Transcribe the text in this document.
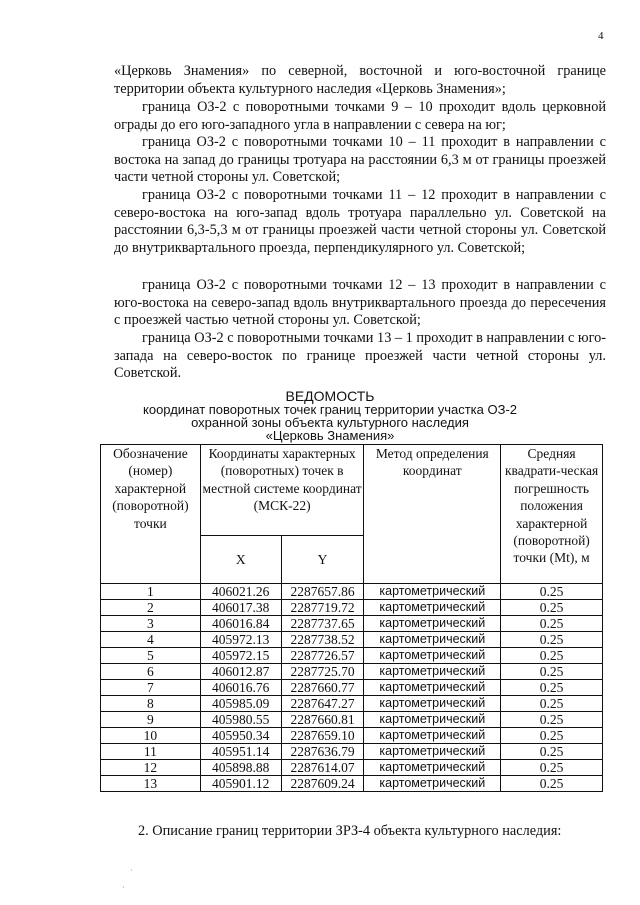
4

«Церковь Знамения» по северной, восточной и юго-восточной границе территории объекта культурного наследия «Церковь Знамения»;

граница ОЗ-2 с поворотными точками 9 – 10 проходит вдоль церковной ограды до его юго-западного угла в направлении с севера на юг;

граница ОЗ-2 с поворотными точками 10 – 11 проходит в направлении с востока на запад до границы тротуара на расстоянии 6,3 м от границы проезжей части четной стороны ул. Советской;

граница ОЗ-2 с поворотными точками 11 – 12 проходит в направлении с северо-востока на юго-запад вдоль тротуара параллельно ул. Советской на расстоянии 6,3-5,3 м от границы проезжей части четной стороны ул. Советской до внутриквартального проезда, перпендикулярного ул. Советской;

граница ОЗ-2 с поворотными точками 12 – 13 проходит в направлении с юго-востока на северо-запад вдоль внутриквартального проезда до пересечения с проезжей частью четной стороны ул. Советской;

граница ОЗ-2 с поворотными точками 13 – 1 проходит в направлении с юго-запада на северо-восток по границе проезжей части четной стороны ул. Советской.

ВЕДОМОСТЬ
координат поворотных точек границ территории участка ОЗ-2
охранной зоны объекта культурного наследия
«Церковь Знамения»
Обозначение (номер) характерной (поворотной) точки	Координаты характерных (поворотных) точек в местной системе координат (МСК-22)		Метод определения координат	Средняя квадрати-ческая погрешность положения характерной (поворотной) точки (Mt), м
	X	Y		
1	406021.26	2287657.86	картометрический	0.25
2	406017.38	2287719.72	картометрический	0.25
3	406016.84	2287737.65	картометрический	0.25
4	405972.13	2287738.52	картометрический	0.25
5	405972.15	2287726.57	картометрический	0.25
6	406012.87	2287725.70	картометрический	0.25
7	406016.76	2287660.77	картометрический	0.25
8	405985.09	2287647.27	картометрический	0.25
9	405980.55	2287660.81	картометрический	0.25
10	405950.34	2287659.10	картометрический	0.25
11	405951.14	2287636.79	картометрический	0.25
12	405898.88	2287614.07	картометрический	0.25
13	405901.12	2287609.24	картометрический	0.25
2. Описание границ территории ЗРЗ-4 объекта культурного наследия:
·
·
